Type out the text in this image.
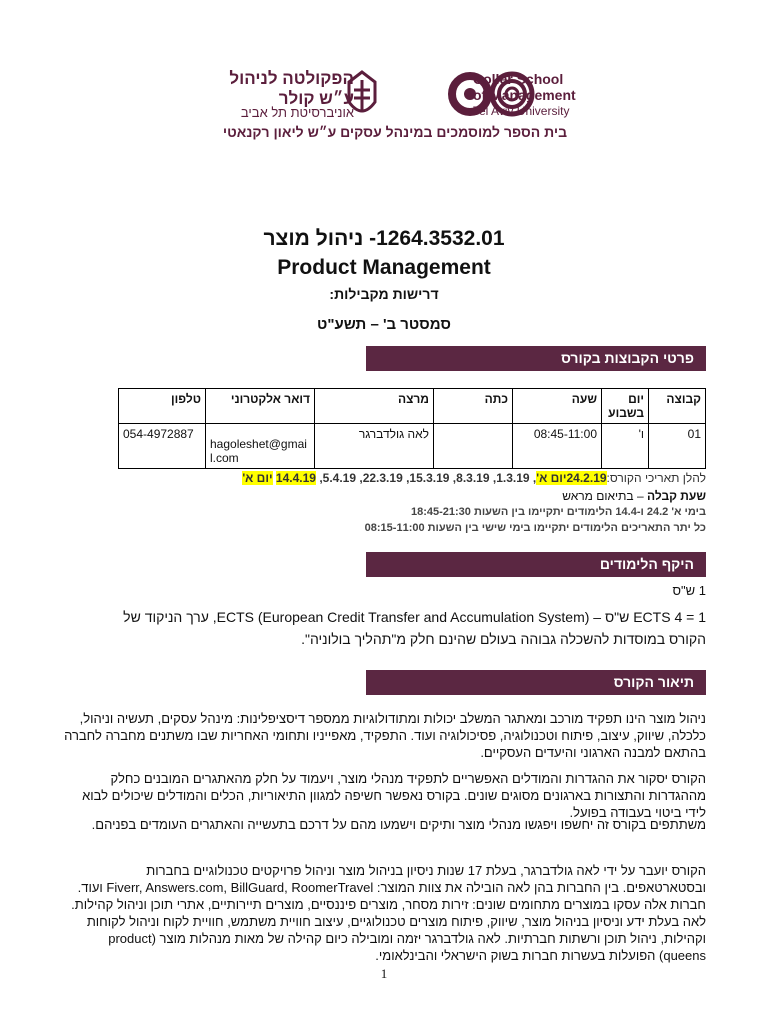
הפקולטה לניהול
ע״ש קולר
אוניברסיטת תל אביב
Coller School
of Management
Tel Aviv University
בית הספר למוסמכים במינהל עסקים ע״ש ליאון רקנאטי
1264.3532.01- ניהול מוצר
Product Management
דרישות מקבילות:
סמסטר ב' – תשע"ט
פרטי הקבוצות בקורס
קבוצה	יום בשבוע	שעה	כתה	מרצה	דואר אלקטרוני	טלפון
01	ו'	08:45-11:00		לאה גולדברגר	hagoleshet@gmail.com	054-4972887
להלן תאריכי הקורס:24.2.19יום א', 1.3.19, 8.3.19, 15.3.19, 22.3.19, 5.4.19, 14.4.19 יום א'
שעת קבלה – בתיאום מראש
בימי א' 24.2 ו-14.4 הלימודים יתקיימו בין השעות 18:45-21:30
כל יתר התאריכים הלימודים יתקיימו בימי שישי בין השעות 08:15-11:00
היקף הלימודים
1 ש"ס
1 = ECTS 4 ש"ס – ECTS (European Credit Transfer and Accumulation System), ערך הניקוד של
הקורס במוסדות להשכלה גבוהה בעולם שהינם חלק מ"תהליך בולוניה".
תיאור הקורס
ניהול מוצר הינו תפקיד מורכב ומאתגר המשלב יכולות ומתודולוגיות ממספר דיסציפלינות: מינהל עסקים, תעשיה וניהול, כלכלה, שיווק, עיצוב, פיתוח וטכנולוגיה, פסיכולוגיה ועוד. התפקיד, מאפייניו ותחומי האחריות שבו משתנים מחברה לחברה בהתאם למבנה הארגוני והיעדים העסקיים.
הקורס יסקור את ההגדרות והמודלים האפשריים לתפקיד מנהלי מוצר, ויעמוד על חלק מהאתגרים המובנים כחלק מההגדרות והתצורות בארגונים מסוגים שונים. בקורס נאפשר חשיפה למגוון התיאוריות, הכלים והמודלים שיכולים לבוא לידי ביטוי בעבודה בפועל.
משתתפים בקורס זה יחשפו ויפגשו מנהלי מוצר ותיקים וישמעו מהם על דרכם בתעשייה והאתגרים העומדים בפניהם.
הקורס יועבר על ידי לאה גולדברגר, בעלת 17 שנות ניסיון בניהול מוצר וניהול פרויקטים טכנולוגיים בחברות ובסטארטאפים. בין החברות בהן לאה הובילה את צוות המוצר: Fiverr, Answers.com, BillGuard, RoomerTravel ועוד. חברות אלה עסקו במוצרים מתחומים שונים: זירות מסחר, מוצרים פיננסיים, מוצרים תיירותיים, אתרי תוכן וניהול קהילות. לאה בעלת ידע וניסיון בניהול מוצר, שיווק, פיתוח מוצרים טכנולוגיים, עיצוב חוויית משתמש, חוויית לקוח וניהול לקוחות וקהילות, ניהול תוכן ורשתות חברתיות. לאה גולדברגר יזמה ומובילה כיום קהילה של מאות מנהלות מוצר (product queens) הפועלות בעשרות חברות בשוק הישראלי והבינלאומי.
1
